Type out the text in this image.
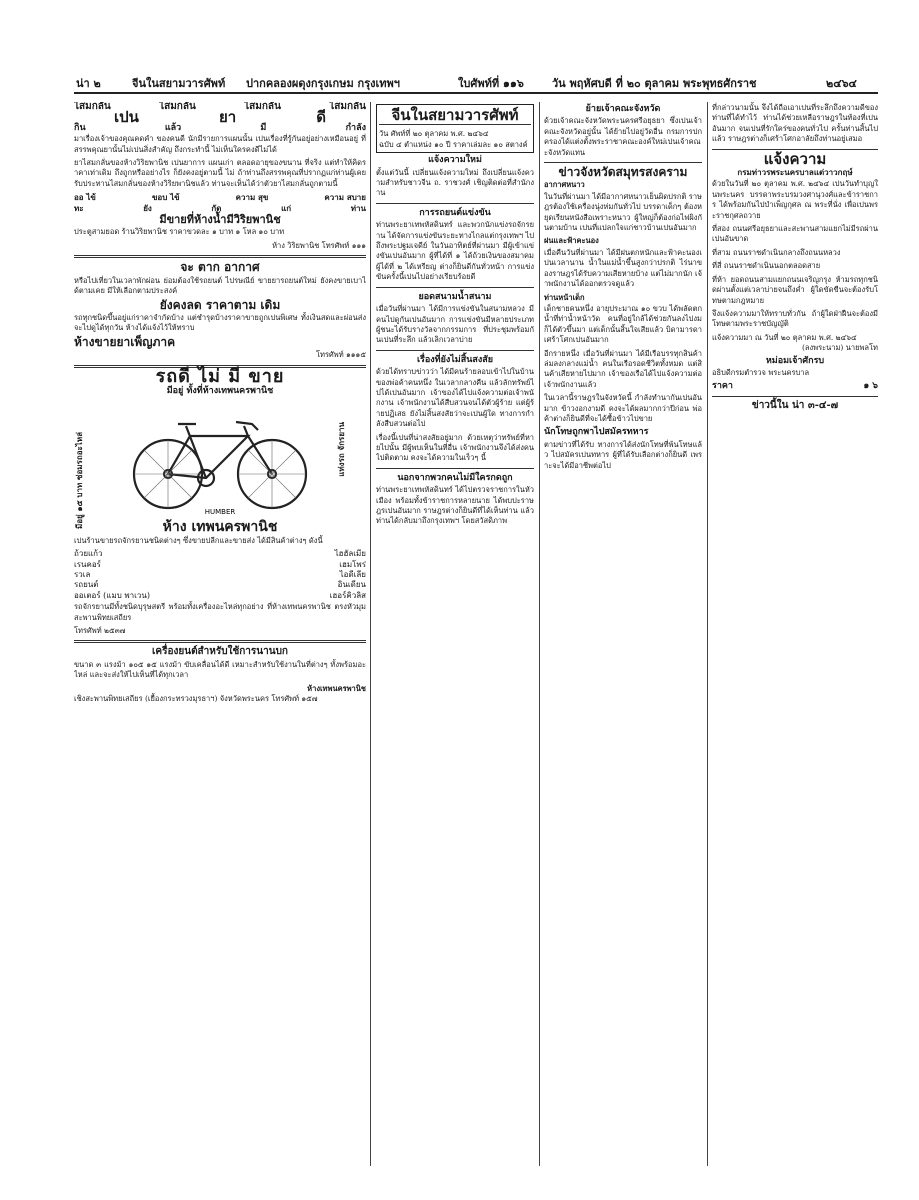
น่า ๒	จีนในสยามวารศัพท์ ปากคลองผดุงกรุงเกษม กรุงเทพฯ	ใบศัพท์ที่ ๑๑๖	วัน พฤหัศบดี ที่ ๒๐ ตุลาคม พระพุทธศักราช	๒๔๖๔
ไสมกลั่น	ไสมกลั่น	ไสมกลั่น	ไสมกลั่น
เปน	ยา	ดี
กิน	แล้ว	มี	กำลัง

มาเรื่องเจ้าของคุณคดคำ ของคนดี นักมีรายการแผนนั้น เปนเรื่องที่รู้กันอยู่อย่างเหมือนอยู่ ที่สรรพคุณยานั้นไม่เปนสิ่งสำคัญ ถึงกระทำนี้ ไม่เห็นใครคงดีไม่ได้

ยาไสมกลั่นของห้างวิริยพานิช เปนยาการ แผนเก่า ตลอดอายุของขนาน ที่จริง แต่ทำให้คิดราคาเท่าเดิม ถึงถูกหรืออย่างไร ก็ยังคงอยู่ตามนี้ ไม่ ถ้าท่านถึงสรรพคุณที่ปรากฏแก่ท่านผู้เคยรับประทานไสมกลั่นของห้างวิริยพานิชแล้ว ท่านจะเห็นได้ว่าตัวยาไสมกลั่นถูกตามนี้

ออ ไข้	ขอบ ไข้	ความ สุข	ความ สบาย
ทะ	ยัง	กัด	แก่	ท่าน
มีขายที่ห้างน้ำมีวิริยพานิช

ประตูสามยอด ร้านวิริยพานิช ราคาขวดละ ๑ บาท ๑ โหล ๑๐ บาท

ห้าง วิริยพานิช โทรศัพท์ ๑๑๑
จะ ตาก อากาศ

หรือไปเที่ยวในเวลาพักผ่อน ย่อมต้องใช้รถยนต์ ไปรษณีย์ ขายยารถยนต์ใหม่ ยังคงขายเบาได้ตามเคย มีให้เลือกตามประสงค์

ยังคงลด ราคาตาม เดิม

รถทุกชนิดขึ้นอยู่แก่ราคาจำกัดบ้าง แต่ชำรุดบ้างราคาขายถูกเปนพิเศษ ทั้งเงินสดและผ่อนส่ง จะไปดูได้ทุกวัน ห้างได้แจ้งไว้ให้ทราบ

ห้างขายยาเพ็ญภาค
โทรศัพท์ ๑๑๑๕
รถดี ไม่ มี ขาย
มีอยู่ ทั้งที่ห้างเทพนครพานิช
มีอยู่ ๑๕ บาท ซ่อมรถอะไหล่	แท่งรถ จักรยาน
HUMBER
ห้าง เทพนครพานิช

เปนร้านขายรถจักรยานชนิดต่างๆ ซึ่งขายปลีกและขายส่ง ได้มีสินค้าต่างๆ ดังนี้

ถ้วยแก้ว	ไฮฮัลเมีย
เรนคอร์	เฮมโพร่
รวเล	ไอดีเลีย
รถยนต์	อินเดียน
ออเตอร์ (แมบ พาเวน)	เฮอร์คิวลิส

รถจักรยานมีทั้งชนิดบุรุษสตรี พร้อมทั้งเครื่องอะไหล่ทุกอย่าง ที่ห้างเทพนครพานิช ตรงหัวมุมสะพานพิทยเสถียร

โทรศัพท์ ๒๕๓๗
เครื่องยนต์สำหรับใช้การนานบก

ขนาด ๓ แรงม้า ๑๐๕ ๑๕ แรงม้า ขับเคลื่อนได้ดี เหมาะสำหรับใช้งานในที่ต่างๆ ทั้งพร้อมอะไหล่ และจะส่งให้ไปเห็นที่ได้ทุกเวลา

ห้างเทพนครพานิช
เชิงสะพานพิทยเสถียร (เยื้องกระทรวงมุรธาฯ) จังหวัดพระนคร โทรศัพท์ ๑๕๗
จีนในสยามวารศัพท์
วัน ศัพท์ที่ ๒๐ ตุลาคม พ.ศ. ๒๔๖๔
ฉบับ ๔ ตำแหน่ง ๑๐ ปี ราคาเล่มละ ๑๐ สตางค์
แจ้งความใหม่

ตั้งแต่วันนี้ เปลี่ยนแจ้งความใหม่ ถึงเปลี่ยนแจ้งความสำหรับชาวจีน ถ. ราชวงศ์ เชิญติดต่อที่สำนักงาน

การรถยนต์แข่งขัน

ท่านพระยาเทพหัสดินทร์ และพวกนักแข่งรถจักรยาน ได้จัดการแข่งขันระยะทางไกลแต่กรุงเทพฯ ไปถึงพระปฐมเจดีย์ ในวันอาทิตย์ที่ผ่านมา มีผู้เข้าแข่งขันเปนอันมาก ผู้ที่ได้ที่ ๑ ได้ถ้วยเงินของสมาคม ผู้ได้ที่ ๒ ได้เหรียญ ต่างก็ยินดีกันทั่วหน้า การแข่งขันครั้งนี้เปนไปอย่างเรียบร้อยดี

ยอดสนามน้ำสนาม

เมื่อวันที่ผ่านมา ได้มีการแข่งขันในสนามหลวง มีคนไปดูกันเปนอันมาก การแข่งขันมีหลายประเภท ผู้ชนะได้รับรางวัลจากกรรมการ ที่ประชุมพร้อมกันเปนที่ระลึก แล้วเลิกเวลาบ่าย

เรื่องที่ยังไม่สิ้นสงสัย

ด้วยได้ทราบข่าวว่า ได้มีคนร้ายลอบเข้าไปในบ้านของพ่อค้าคนหนึ่ง ในเวลากลางคืน แล้วลักทรัพย์ไปได้เปนอันมาก เจ้าของได้ไปแจ้งความต่อเจ้าพนักงาน เจ้าพนักงานได้สืบสวนจนได้ตัวผู้ร้าย แต่ผู้ร้ายปฏิเสธ ยังไม่สิ้นสงสัยว่าจะเปนผู้ใด ทางการกำลังสืบสวนต่อไป

เรื่องนี้เปนที่น่าสงสัยอยู่มาก ด้วยเหตุว่าทรัพย์ที่หายไปนั้น มีผู้พบเห็นในที่อื่น เจ้าพนักงานจึงได้ส่งคนไปติดตาม คงจะได้ความในเร็วๆ นี้

นอกจากพวกคนไม่มีใครกดถูก

ท่านพระยาเทพหัสดินทร์ ได้ไปตรวจราชการในหัวเมือง พร้อมทั้งข้าราชการหลายนาย ได้พบปะราษฎรเปนอันมาก ราษฎรต่างก็ยินดีที่ได้เห็นท่าน แล้วท่านได้กลับมาถึงกรุงเทพฯ โดยสวัสดิภาพ

ย้ายเจ้าคณะจังหวัด

ด้วยเจ้าคณะจังหวัดพระนครศรีอยุธยา ซึ่งเปนเจ้าคณะจังหวัดอยู่นั้น ได้ย้ายไปอยู่วัดอื่น กรมการปกครองได้แต่งตั้งพระราชาคณะองค์ใหม่เปนเจ้าคณะจังหวัดแทน

ข่าวจังหวัดสมุทรสงคราม
อากาศหนาว

ในวันที่ผ่านมา ได้มีอากาศหนาวเย็นผิดปรกติ ราษฎรต้องใช้เครื่องนุ่งห่มกันทั่วไป บรรดาเด็กๆ ต้องหยุดเรียนหนังสือเพราะหนาว ผู้ใหญ่ก็ต้องก่อไฟผิงกันตามบ้าน เปนที่แปลกใจแก่ชาวบ้านเปนอันมาก

ฝนและฟ้าคะนอง

เมื่อคืนวันที่ผ่านมา ได้มีฝนตกหนักและฟ้าคะนองเปนเวลานาน น้ำในแม่น้ำขึ้นสูงกว่าปรกติ ไร่นาของราษฎรได้รับความเสียหายบ้าง แต่ไม่มากนัก เจ้าพนักงานได้ออกตรวจดูแล้ว

ท่านหน้าเด็ก

เด็กชายคนหนึ่ง อายุประมาณ ๑๐ ขวบ ได้พลัดตกน้ำที่ท่าน้ำหน้าวัด คนที่อยู่ใกล้ได้ช่วยกันลงไปงม ก็ได้ตัวขึ้นมา แต่เด็กนั้นสิ้นใจเสียแล้ว บิดามารดาเศร้าโศกเปนอันมาก

อีกรายหนึ่ง เมื่อวันที่ผ่านมา ได้มีเรือบรรทุกสินค้าล่มลงกลางแม่น้ำ คนในเรือรอดชีวิตทั้งหมด แต่สินค้าเสียหายไปมาก เจ้าของเรือได้ไปแจ้งความต่อเจ้าพนักงานแล้ว

ในเวลานี้ราษฎรในจังหวัดนี้ กำลังทำนากันเปนอันมาก ข้าวงอกงามดี คงจะได้ผลมากกว่าปีก่อน พ่อค้าต่างก็ยินดีที่จะได้ซื้อข้าวไปขาย

นักโทษถูกพาไปสมัครทหาร

ตามข่าวที่ได้รับ ทางการได้ส่งนักโทษที่พ้นโทษแล้ว ไปสมัครเปนทหาร ผู้ที่ได้รับเลือกต่างก็ยินดี เพราะจะได้มีอาชีพต่อไป

ที่กล่าวนามนั้น จึงได้ถือเอาเปนที่ระลึกถึงความดีของท่านที่ได้ทำไว้ ท่านได้ช่วยเหลือราษฎรในท้องที่เปนอันมาก จนเปนที่รักใคร่ของคนทั่วไป ครั้นท่านสิ้นไปแล้ว ราษฎรต่างก็เศร้าโศกอาลัยถึงท่านอยู่เสมอ

แจ้งความ
กรมท่าวรพระนครบาลแต่วาวกฤษ์

ด้วยในวันที่ ๒๐ ตุลาคม พ.ศ. ๒๔๖๔ เปนวันทำบุญในพระนคร บรรดาพระบรมวงศานุวงศ์และข้าราชการ ได้พร้อมกันไปบำเพ็ญกุศล ณ พระที่นั่ง เพื่อเปนพระราชกุศลถวาย

ที่สอง ถนนศรีอยุธยาและสะพานสามแยกไม่มีรถผ่านเปนอันขาด

ที่สาม ถนนราชดำเนินกลางถึงถนนหลวง

ที่สี่ ถนนราชดำเนินนอกตลอดสาย

ที่ห้า ยอดถนนสามแยกถนนเจริญกรุง ห้ามรถทุกชนิดผ่านตั้งแต่เวลาบ่ายจนถึงค่ำ ผู้ใดขัดขืนจะต้องรับโทษตามกฎหมาย

จึงแจ้งความมาให้ทราบทั่วกัน ถ้าผู้ใดฝ่าฝืนจะต้องมีโทษตามพระราชบัญญัติ

แจ้งความมา ณ วันที่ ๒๐ ตุลาคม พ.ศ. ๒๔๖๔
(ลงพระนาม) นายพลโท
หม่อมเจ้าศักรบ

อธิบดีกรมตำรวจ พระนครบาล

ราคา	๑ ๖
ข่าวนี้ใน น่า ๓-๔-๗
